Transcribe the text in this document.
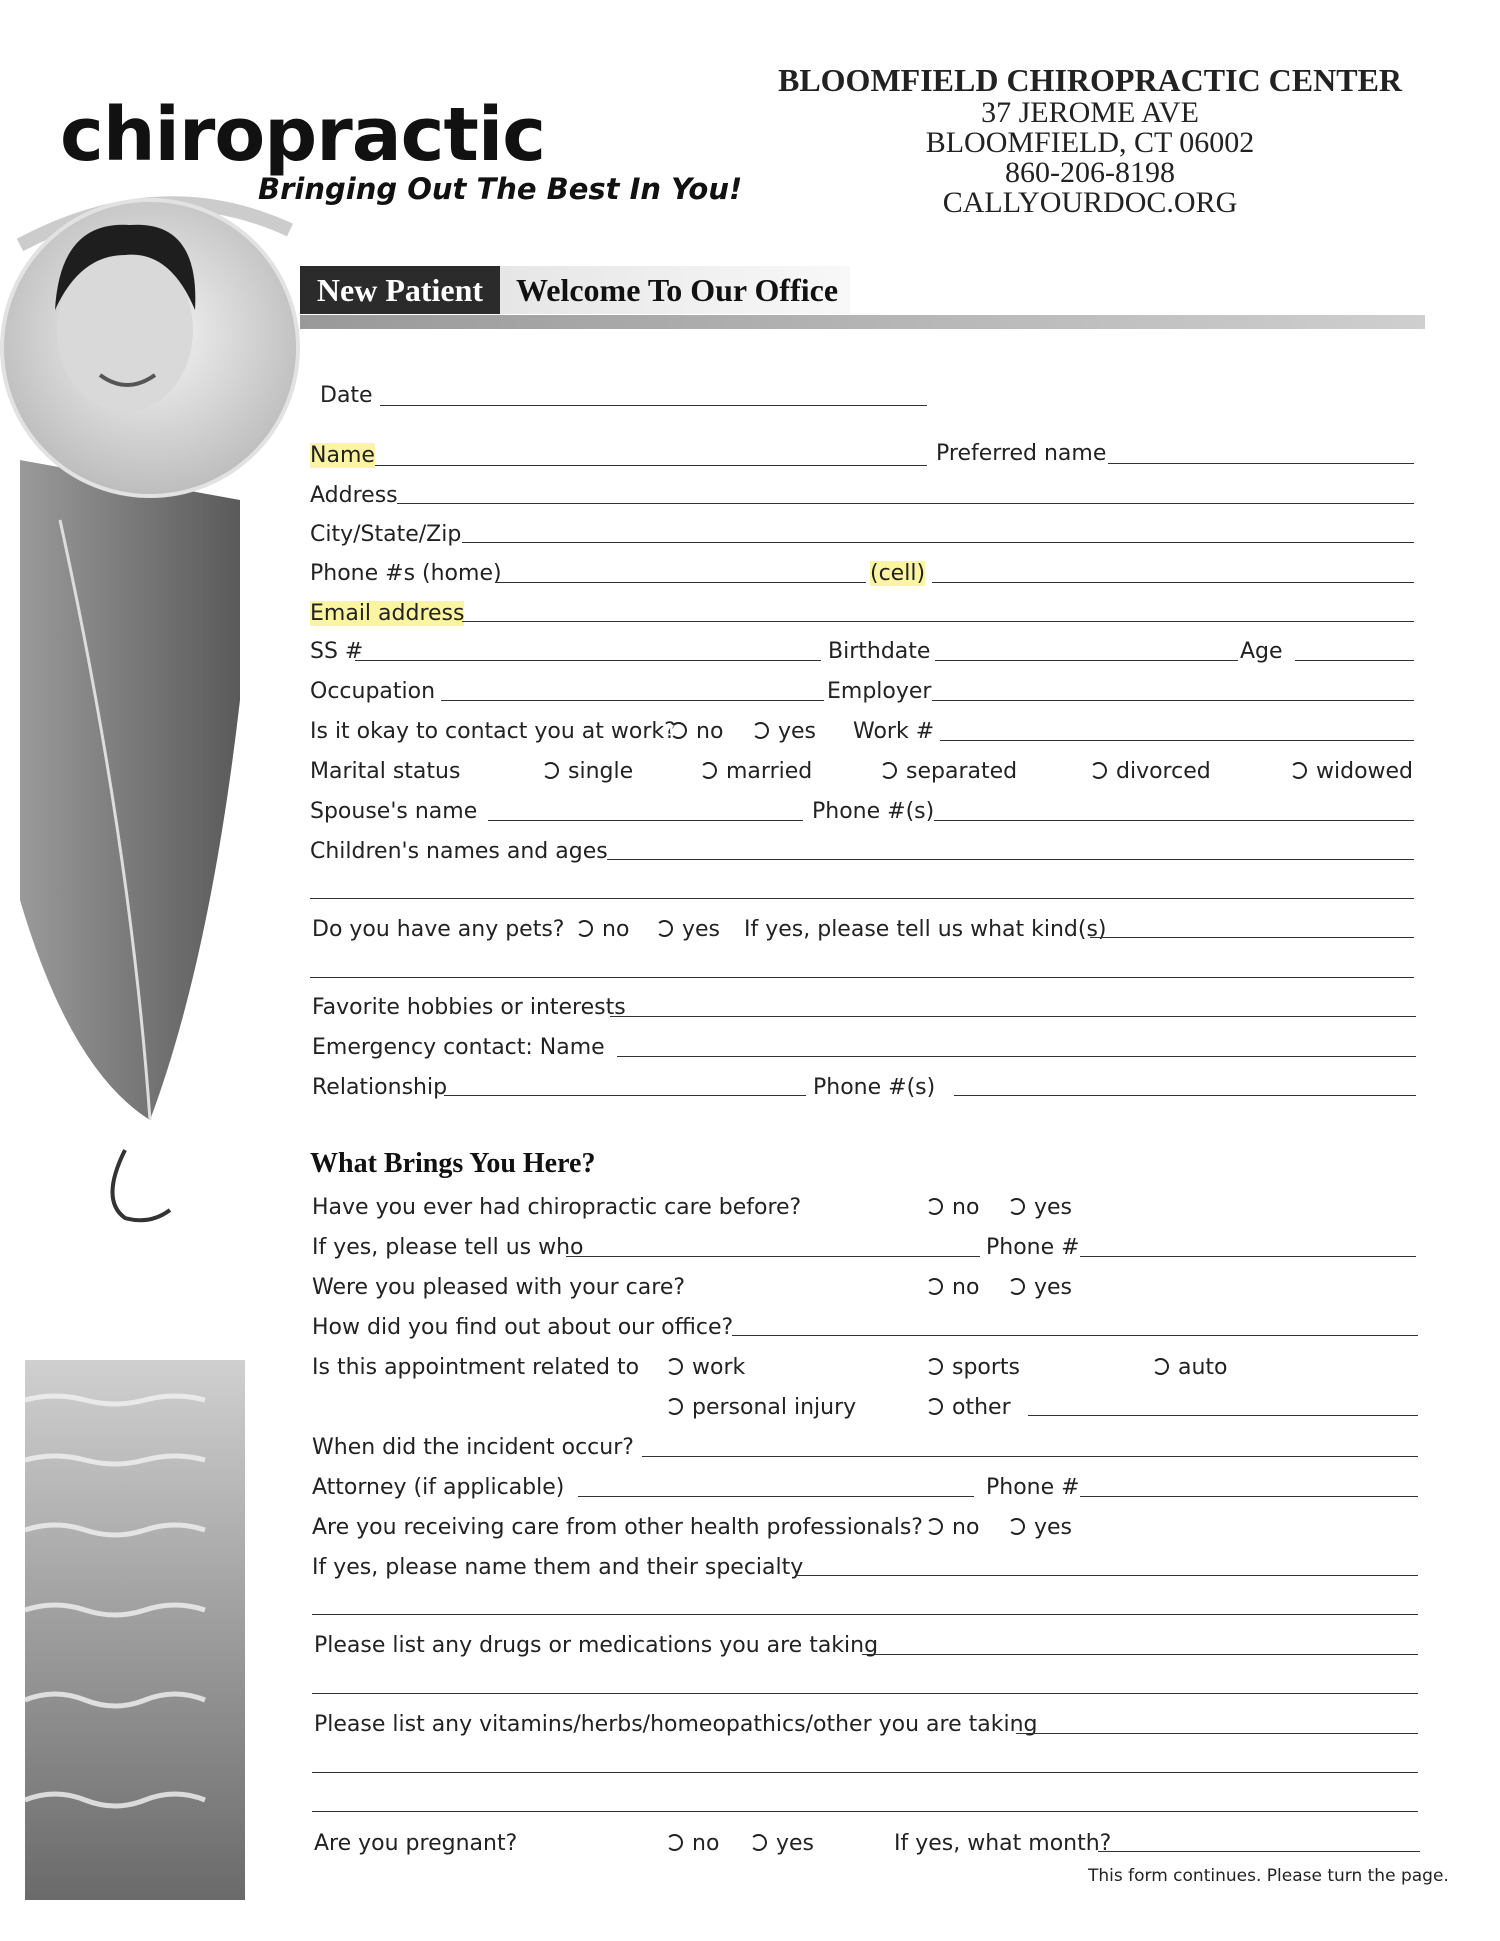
BLOOMFIELD CHIROPRACTIC CENTER
37 JEROME AVE
BLOOMFIELD, CT 06002
860-206-8198
CALLYOURDOC.ORG
chiropractic
Bringing Out The Best In You!
Welcome To Our Office
New Patient
Date
Name	Preferred name
Address
City/State/Zip
Phone #s (home)	(cell)
Email address
SS #	Birthdate	Age
Occupation	Employer
Is it okay to contact you at work? no	yes Work #
Marital status	single	married	separated	divorced	widowed
Spouse's name	Phone #(s)
Children's names and ages
Do you have any pets?	no	yes If yes, please tell us what kind(s)
Favorite hobbies or interests
Emergency contact: Name
Relationship	Phone #(s)
What Brings You Here?
Have you ever had chiropractic care before?	no	yes
If yes, please tell us who	Phone #
Were you pleased with your care?	no	yes
How did you find out about our office?
Is this appointment related to	work	sports	auto
personal injury	other
When did the incident occur?
Attorney (if applicable)	Phone #
Are you receiving care from other health professionals?	no	yes
If yes, please name them and their specialty
Please list any drugs or medications you are taking
Please list any vitamins/herbs/homeopathics/other you are taking
Are you pregnant?	no	yes	If yes, what month?
This form continues. Please turn the page.
